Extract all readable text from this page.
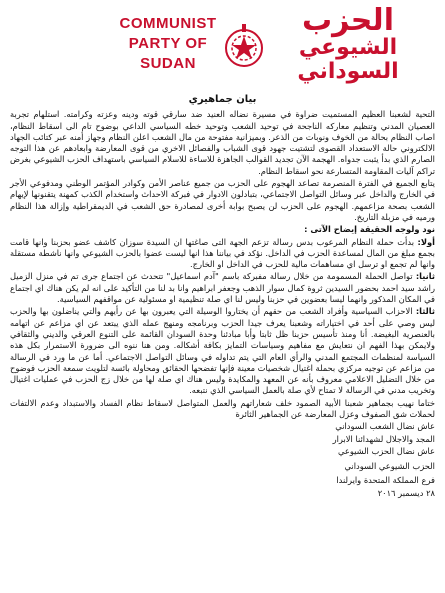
COMMUNIST
PARTY OF
SUDAN
الحزب
الشيوعي
السوداني
بيان جماهيري

التحية لشعبنا العظيم المستميت ضراوة في مسيرة نضاله العنيد ضد سارقي قوته ودينه وعزته وكرامته. استلهام تجربة العصيان المدني وتنظيم معاركه الناجحة في توحيد الشعب وتوحيد خطه السياسي الداعي بوضوح تام الى اسقاط النظام، اصاب النظام بحالة من الخوف ونوبات من الذعر. وبميزانية مفتوحة من مال الشعب اعلن النظام وجهاز أمنه عبر كتائب الجهاد الالكتروني حالة الاستعداد القصوى لتشتيت جهود قوى الشباب والفصائل الاخري من قوى المعارضة وابعادهم عن هذا التوجه الصارم الذي بدأ يثبت جدواه. الهجمة الآن تجديد القوالب الجاهزة للاساءة للاسلام السياسي باستهداف الحزب الشيوعي بغرض تراكم آليات المقاومة المتسارعة نحو اسقاط النظام.

يتابع الجميع في الفترة المنصرمة تصاعد الهجوم على الحزب من جميع عناصر الأمن وكوادر المؤتمر الوطني ومدفوعي الأجر في الخارج والداخل عبر وسائل التواصل الاجتماعي، بتبادلون الادوار في فبركة الاحداث واستخدام الكذب كمهنة يتقنونها لإيهام الشعب بصحة مزاعمهم. الهجوم على الحزب لن يصبح بوابة أخرى لمصادرة حق الشعب في الديمقراطية وإزالة هذا النظام ورميه في مزبلة التاريخ.

نود ولوجه الحقيقة إيضاح الآتى :

أولا: بدأت حملة النظام المرعوب بدس رسالة تزعم الجهة التى صاغتها ان السيدة سوزان كاشف عضو بحزبنا وانها قامت بجمع مبلغ من المال لمساعدة الحزب في الداخل. نؤكد في بياننا هذا انها ليست عضوا بالحزب الشيوعي وانها ناشطة مستقلة وانها لم تجمع او ترسل اي مساهمات مالية للحزب في الداخل او الخارج.

ثانيا: تواصل الحملة المسمومة من خلال رسالة مفبركة باسم "آدم اسماعيل" تتحدث عن اجتماع جرى تم في منزل الزميل راشد سيد احمد بحضور السيدين ثروة كمال سوار الذهب وجعفر ابراهيم وانا بد لنا من التأكيد على انه لم يكن هناك اي اجتماع في المكان المذكور وانهما ليسا بعضوين في حزبنا وليس لنا اي صلة تنظيمية او مسئولية عن مواقفهم السياسية.

ثالثا: الاحزاب السياسية وأفراد الشعب من حقهم أن يختاروا الوسيلة التي يعبرون بها عن رأيهم والتي يناضلون بها والحزب ليس وصي على أحد في اختياراته وشعبنا يعرف جيدا الحزب وبرنامجه ومنهج عمله الذي يبتعد عن اي مزاعم عن اتهامه بالعنصرية البغيضة. أنا ومنذ تأسيس حزبنا ظل ثابتا وأبا مبادئنا وحدة السودان القائمة على التنوع العرقي والديني والثقافي ولايمكن بهذا الفهم ان نتعايش مع مفاهيم وسياسات التمايز بكافة أشكاله. ومن هنا ننوه الى ضرورة الاستمرار بكل هذه السياسة لمنظمات المجتمع المدني والرأي العام التي يتم تداوله في وسائل التواصل الاجتماعي. أما عن ما ورد في الرسالة من مزاعم عن توجيه مركزي بحملة اغتيال شخصيات معينة فإنها تفضحها الحقائق ومحاولة بائسة لتلويث سمعة الحزب فوضوح من خلال التضليل الاعلامي معروف بأنه عن المعهد والمكايدة وليس هناك اي صلة لها من خلال زج الحزب في عمليات اغتيال وتخريب مدني في الرسالة لا تمتاح لأي صلة بالعمل السياسي الذي نتبعه.

ختاما نهيب بجماهير شعبنا الأبية الصمود خلف شعاراتهم والعمل المتواصل لاسقاط نظام الفساد والاستبداد وعدم الالتفات لحملات شق الصفوف وعزل المعارضة عن الجماهير الثائرة

عاش نضال الشعب السوداني

المجد والاجلال لشهدائنا الابرار

عاش نضال الحزب الشيوعي

الحزب الشيوعي السوداني

فرع المملكة المتحدة وايرلندا

٢٨ ديسمبر ٢٠١٦
